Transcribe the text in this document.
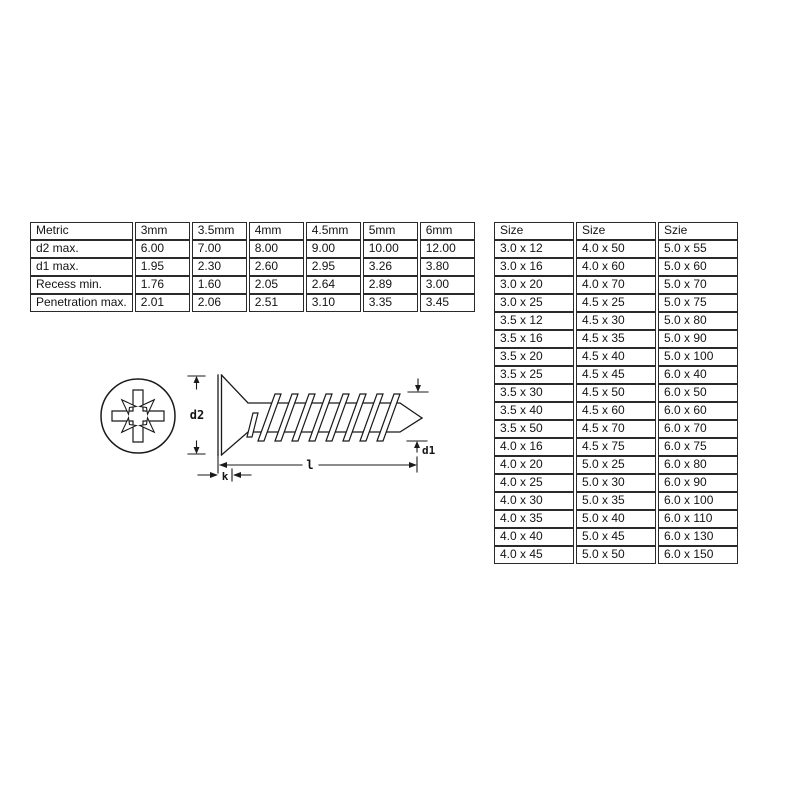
Metric	3mm	3.5mm	4mm	4.5mm	5mm	6mm
d2 max.	6.00	7.00	8.00	9.00	10.00	12.00
d1 max.	1.95	2.30	2.60	2.95	3.26	3.80
Recess min.	1.76	1.60	2.05	2.64	2.89	3.00
Penetration max.	2.01	2.06	2.51	3.10	3.35	3.45
Size	Size	Szie
3.0 x 12	4.0 x 50	5.0 x 55
3.0 x 16	4.0 x 60	5.0 x 60
3.0 x 20	4.0 x 70	5.0 x 70
3.0 x 25	4.5 x 25	5.0 x 75
3.5 x 12	4.5 x 30	5.0 x 80
3.5 x 16	4.5 x 35	5.0 x 90
3.5 x 20	4.5 x 40	5.0 x 100
3.5 x 25	4.5 x 45	6.0 x 40
3.5 x 30	4.5 x 50	6.0 x 50
3.5 x 40	4.5 x 60	6.0 x 60
3.5 x 50	4.5 x 70	6.0 x 70
4.0 x 16	4.5 x 75	6.0 x 75
4.0 x 20	5.0 x 25	6.0 x 80
4.0 x 25	5.0 x 30	6.0 x 90
4.0 x 30	5.0 x 35	6.0 x 100
4.0 x 35	5.0 x 40	6.0 x 110
4.0 x 40	5.0 x 45	6.0 x 130
4.0 x 45	5.0 x 50	6.0 x 150
d2
d1
l
k
